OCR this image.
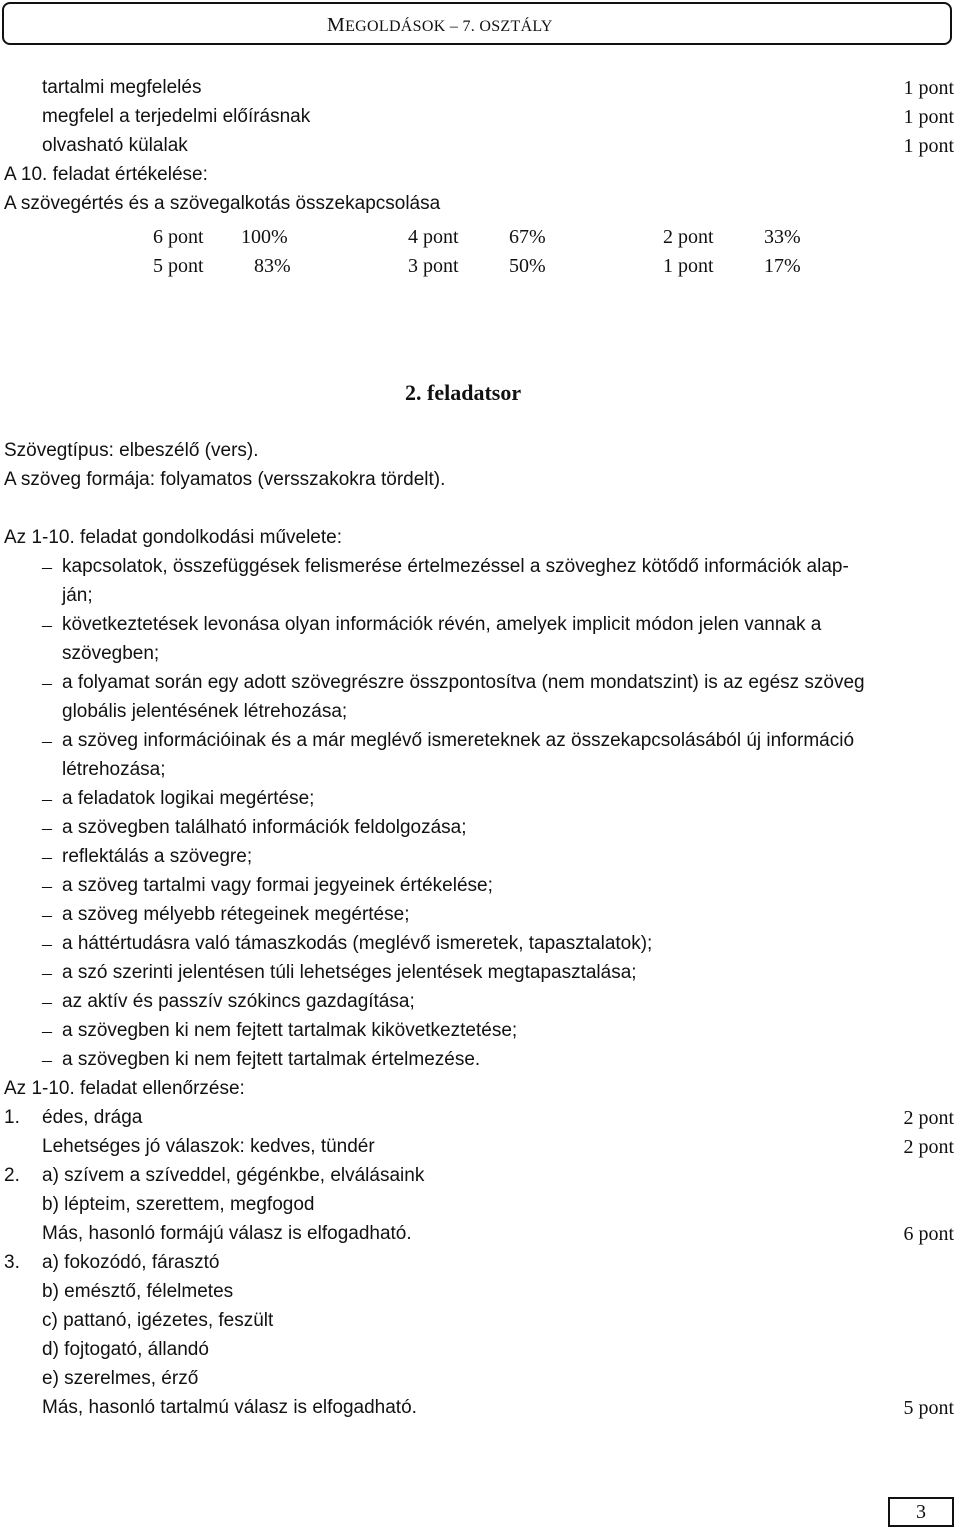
MEGOLDÁSOK – 7. OSZTÁLY
tartalmi megfelelés	1 pont
megfelel a terjedelmi előírásnak	1 pont
olvasható külalak	1 pont
A 10. feladat értékelése:
A szövegértés és a szövegalkotás összekapcsolása
6 pont 100%	4 pont	67%	2 pont	33%
5 pont	83%	3 pont	50%	1 pont	17%
2. feladatsor
Szövegtípus: elbeszélő (vers).
A szöveg formája: folyamatos (versszakokra tördelt).
Az 1-10. feladat gondolkodási művelete:
– kapcsolatok, összefüggések felismerése értelmezéssel a szöveghez kötődő információk alap-
ján;
– következtetések levonása olyan információk révén, amelyek implicit módon jelen vannak a
szövegben;
– a folyamat során egy adott szövegrészre összpontosítva (nem mondatszint) is az egész szöveg
globális jelentésének létrehozása;
– a szöveg információinak és a már meglévő ismereteknek az összekapcsolásából új információ
létrehozása;
– a feladatok logikai megértése;
– a szövegben található információk feldolgozása;
– reflektálás a szövegre;
– a szöveg tartalmi vagy formai jegyeinek értékelése;
– a szöveg mélyebb rétegeinek megértése;
– a háttértudásra való támaszkodás (meglévő ismeretek, tapasztalatok);
– a szó szerinti jelentésen túli lehetséges jelentések megtapasztalása;
– az aktív és passzív szókincs gazdagítása;
– a szövegben ki nem fejtett tartalmak kikövetkeztetése;
– a szövegben ki nem fejtett tartalmak értelmezése.
Az 1-10. feladat ellenőrzése:
1. édes, drága	2 pont
Lehetséges jó válaszok: kedves, tündér	2 pont
2. a) szívem a szíveddel, gégénkbe, elválásaink
b) lépteim, szerettem, megfogod
Más, hasonló formájú válasz is elfogadható.	6 pont
3. a) fokozódó, fárasztó
b) emésztő, félelmetes
c) pattanó, igézetes, feszült
d) fojtogató, állandó
e) szerelmes, érző
Más, hasonló tartalmú válasz is elfogadható.	5 pont
3
